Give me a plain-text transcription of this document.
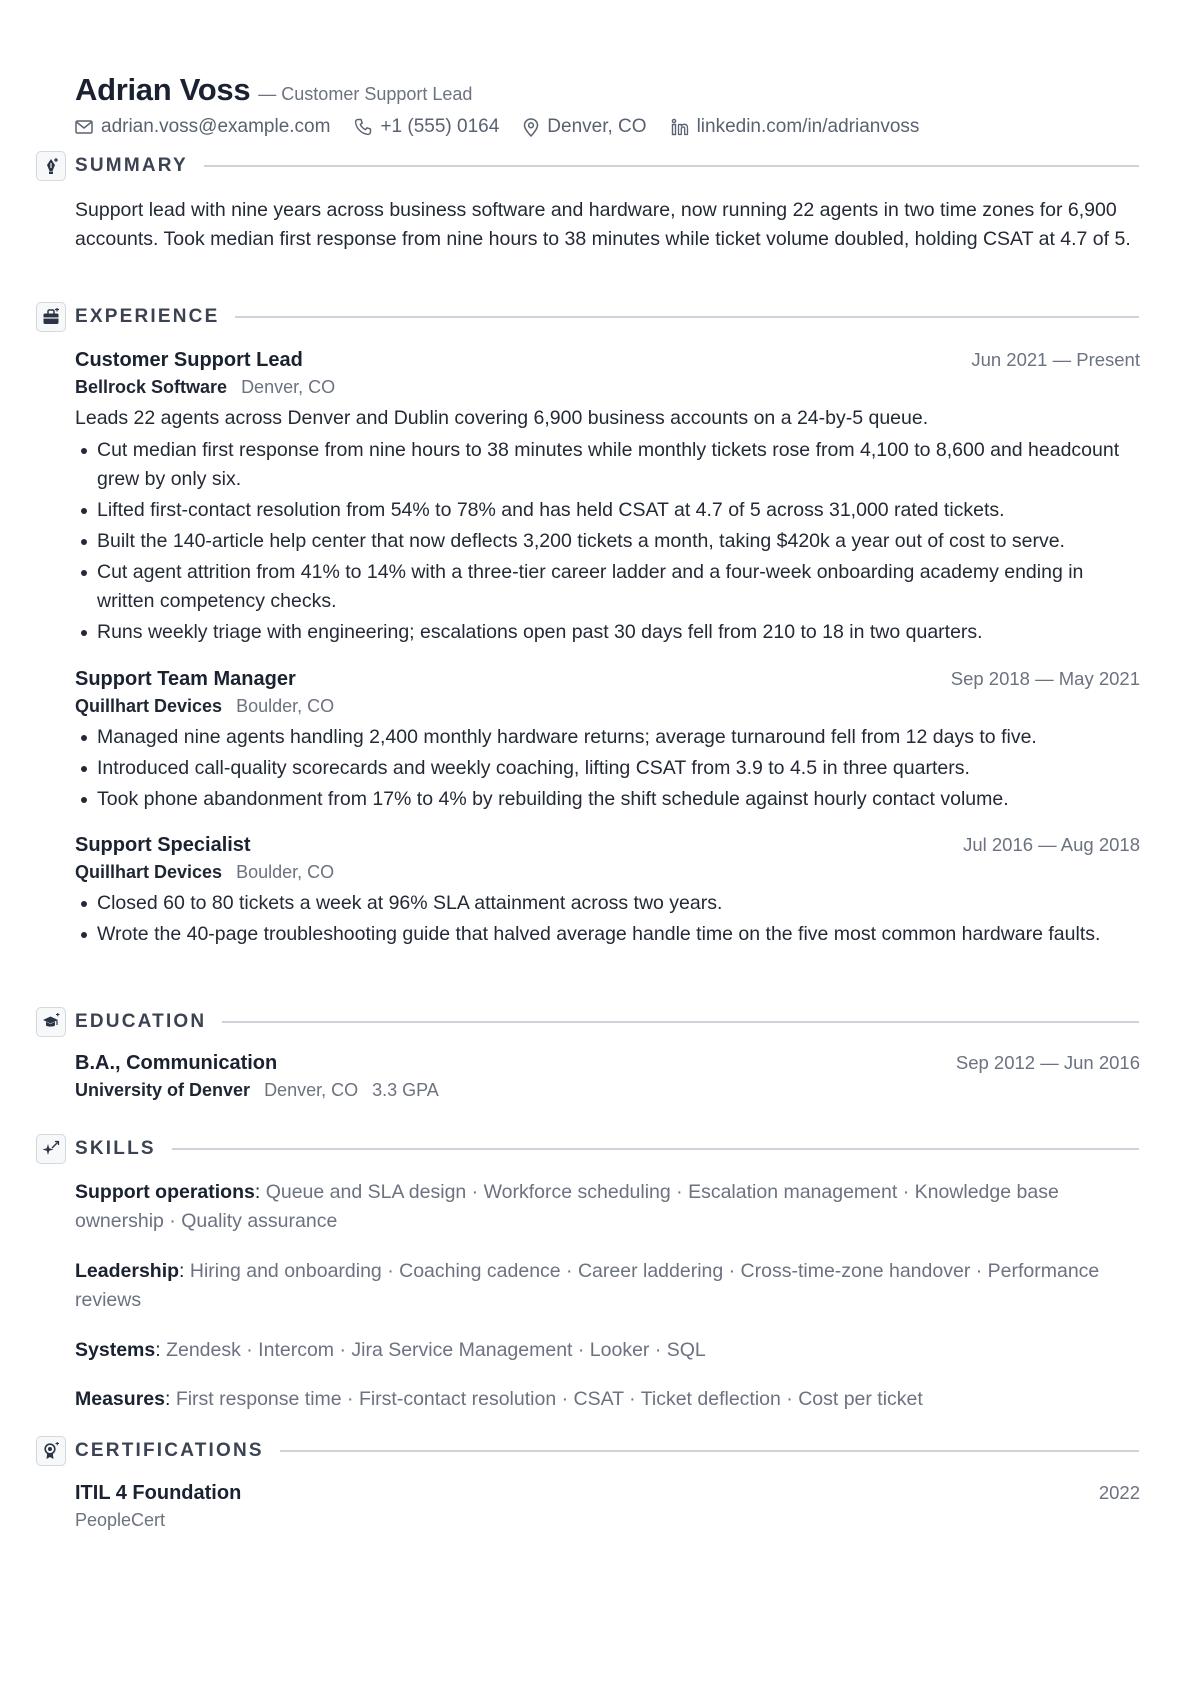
Adrian Voss — Customer Support Lead
adrian.voss@example.com	+1 (555) 0164	Denver, CO	linkedin.com/in/adrianvoss
SUMMARY

Support lead with nine years across business software and hardware, now running 22 agents in two time zones for 6,900 accounts. Took median first response from nine hours to 38 minutes while ticket volume doubled, holding CSAT at 4.7 of 5.

EXPERIENCE
Customer Support Lead	Jun 2021 — Present
Bellrock Software Denver, CO

Leads 22 agents across Denver and Dublin covering 6,900 business accounts on a 24-by-5 queue.

Cut median first response from nine hours to 38 minutes while monthly tickets rose from 4,100 to 8,600 and headcount grew by only six.
Lifted first-contact resolution from 54% to 78% and has held CSAT at 4.7 of 5 across 31,000 rated tickets.
Built the 140-article help center that now deflects 3,200 tickets a month, taking $420k a year out of cost to serve.
Cut agent attrition from 41% to 14% with a three-tier career ladder and a four-week onboarding academy ending in written competency checks.
Runs weekly triage with engineering; escalations open past 30 days fell from 210 to 18 in two quarters.
Support Team Manager	Sep 2018 — May 2021
Quillhart Devices Boulder, CO
Managed nine agents handling 2,400 monthly hardware returns; average turnaround fell from 12 days to five.
Introduced call-quality scorecards and weekly coaching, lifting CSAT from 3.9 to 4.5 in three quarters.
Took phone abandonment from 17% to 4% by rebuilding the shift schedule against hourly contact volume.
Support Specialist	Jul 2016 — Aug 2018
Quillhart Devices Boulder, CO
Closed 60 to 80 tickets a week at 96% SLA attainment across two years.
Wrote the 40-page troubleshooting guide that halved average handle time on the five most common hardware faults.
EDUCATION
B.A., Communication	Sep 2012 — Jun 2016
University of Denver Denver, CO 3.3 GPA
SKILLS

Support operations: Queue and SLA design · Workforce scheduling · Escalation management · Knowledge base ownership · Quality assurance

Leadership: Hiring and onboarding · Coaching cadence · Career laddering · Cross-time-zone handover · Performance reviews

Systems: Zendesk · Intercom · Jira Service Management · Looker · SQL

Measures: First response time · First-contact resolution · CSAT · Ticket deflection · Cost per ticket

CERTIFICATIONS
ITIL 4 Foundation	2022
PeopleCert
